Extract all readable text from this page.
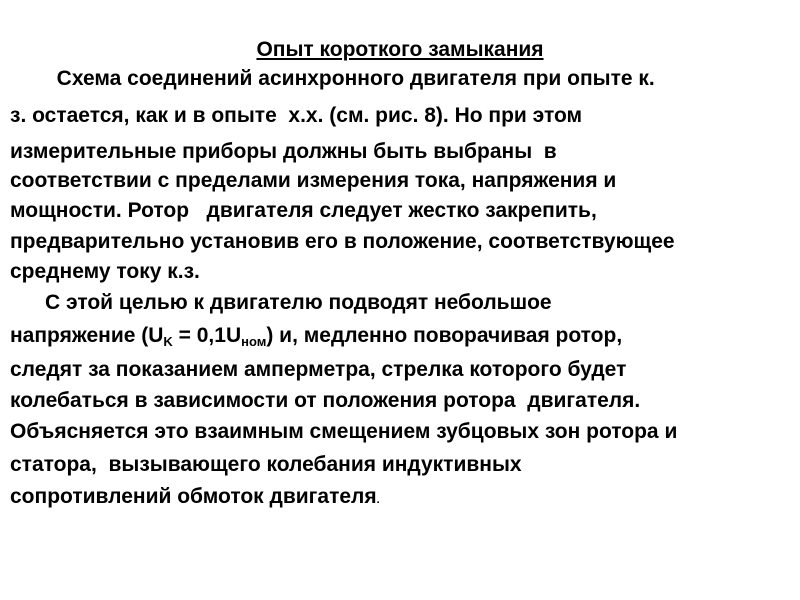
Опыт короткого замыкания
Схема соединений асинхронного двигателя при опыте к.
з. остается, как и в опыте  х.х. (см. рис. 8). Но при этом
измерительные приборы должны быть выбраны  в
соответствии с пределами измерения тока, напряжения и
мощности. Ротор   двигателя следует жестко закрепить,
предварительно установив его в положение, соответствующее
среднему току к.з.
С этой целью к двигателю подводят небольшое
напряжение $(U_K = 0,1U_{ном})$ и, медленно поворачивая ротор,
следят за показанием амперметра, стрелка которого будет
колебаться в зависимости от положения ротора  двигателя.
Объясняется это взаимным смещением зубцовых зон ротора и
статора,  вызывающего колебания индуктивных
сопротивлений обмоток двигателя.
